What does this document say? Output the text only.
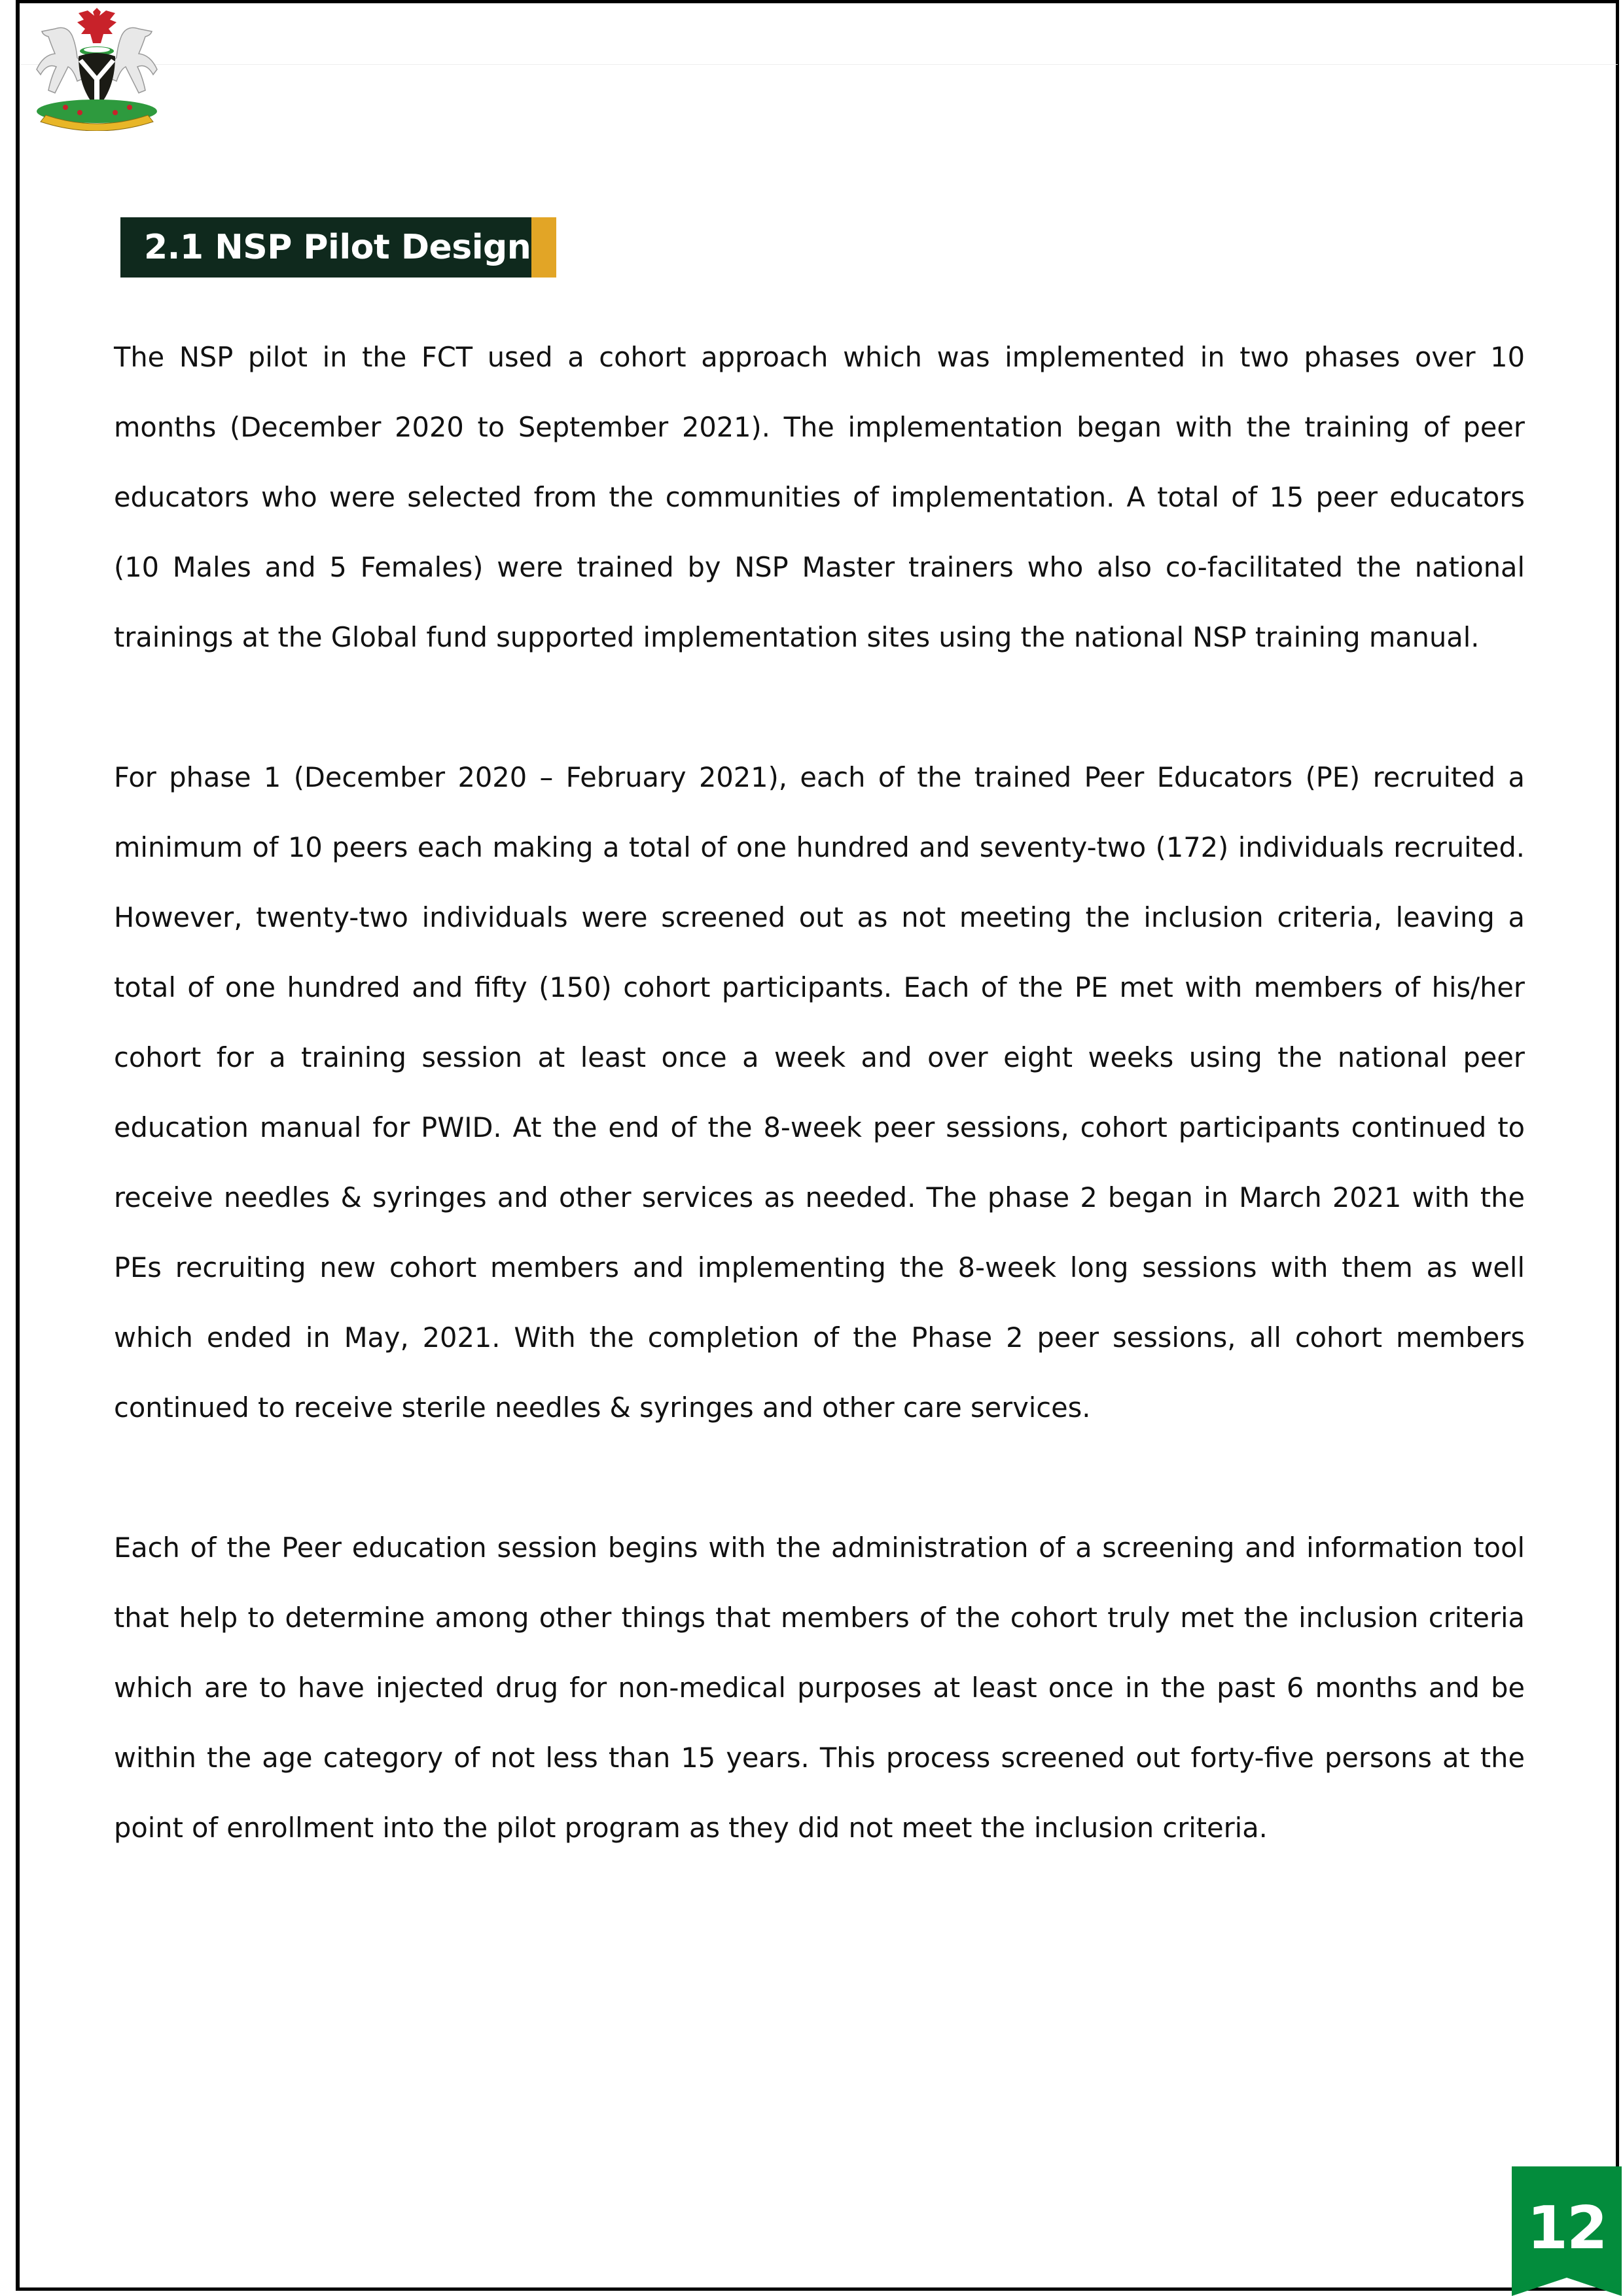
2.1 NSP Pilot Design

The NSP pilot in the FCT used a cohort approach which was implemented in two phases over 10 months (December 2020 to September 2021). The implementation began with the training of peer educators who were selected from the communities of implementation. A total of 15 peer educators (10 Males and 5 Females) were trained by NSP Master trainers who also co-facilitated the national trainings at the Global fund supported implementation sites using the national NSP training manual.

For phase 1 (December 2020 – February 2021), each of the trained Peer Educators (PE) recruited a minimum of 10 peers each making a total of one hundred and seventy-two (172) individuals recruited. However, twenty-two individuals were screened out as not meeting the inclusion criteria, leaving a total of one hundred and fifty (150) cohort participants. Each of the PE met with members of his/her cohort for a training session at least once a week and over eight weeks using the national peer education manual for PWID. At the end of the 8-week peer sessions, cohort participants continued to receive needles & syringes and other services as needed. The phase 2 began in March 2021 with the PEs recruiting new cohort members and implementing the 8-week long sessions with them as well which ended in May, 2021. With the completion of the Phase 2 peer sessions, all cohort members continued to receive sterile needles & syringes and other care services.

Each of the Peer education session begins with the administration of a screening and information tool that help to determine among other things that members of the cohort truly met the inclusion criteria which are to have injected drug for non-medical purposes at least once in the past 6 months and be within the age category of not less than 15 years. This process screened out forty-five persons at the point of enrollment into the pilot program as they did not meet the inclusion criteria.

12
